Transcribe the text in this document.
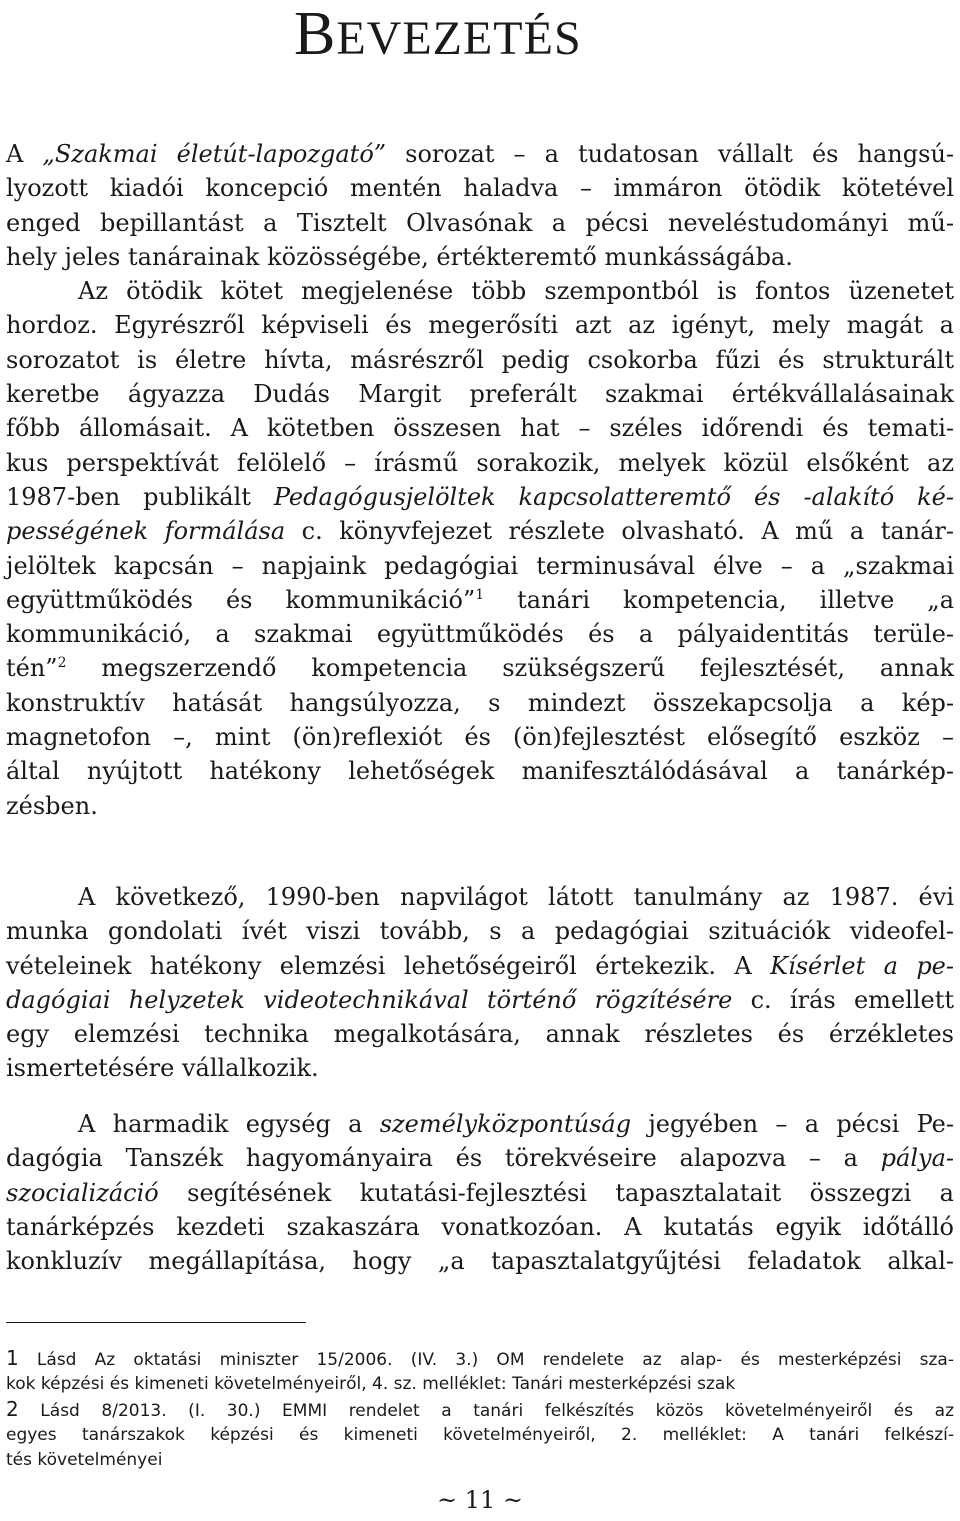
BEVEZETÉS
A „Szakmai életút-lapozgató” sorozat – a tudatosan vállalt és hangsú-
lyozott kiadói koncepció mentén haladva – immáron ötödik kötetével
enged bepillantást a Tisztelt Olvasónak a pécsi neveléstudományi mű-
hely jeles tanárainak közösségébe, értékteremtő munkásságába.
Az ötödik kötet megjelenése több szempontból is fontos üzenetet
hordoz. Egyrészről képviseli és megerősíti azt az igényt, mely magát a
sorozatot is életre hívta, másrészről pedig csokorba fűzi és strukturált
keretbe ágyazza Dudás Margit preferált szakmai értékvállalásainak
főbb állomásait. A kötetben összesen hat – széles időrendi és temati-
kus perspektívát felölelő – írásmű sorakozik, melyek közül elsőként az
1987-ben publikált Pedagógusjelöltek kapcsolatteremtő és -alakító ké-
pességének formálása c. könyvfejezet részlete olvasható. A mű a tanár-
jelöltek kapcsán – napjaink pedagógiai terminusával élve – a „szakmai
együttműködés és kommunikáció”$^1$ tanári kompetencia, illetve „a
kommunikáció, a szakmai együttműködés és a pályaidentitás terüle-
tén”$^2$ megszerzendő kompetencia szükségszerű fejlesztését, annak
konstruktív hatását hangsúlyozza, s mindezt összekapcsolja a kép-
magnetofon –, mint (ön)reflexiót és (ön)fejlesztést elősegítő eszköz –
által nyújtott hatékony lehetőségek manifesztálódásával a tanárkép-
zésben.
A következő, 1990-ben napvilágot látott tanulmány az 1987. évi
munka gondolati ívét viszi tovább, s a pedagógiai szituációk videofel-
vételeinek hatékony elemzési lehetőségeiről értekezik. A Kísérlet a pe-
dagógiai helyzetek videotechnikával történő rögzítésére c. írás emellett
egy elemzési technika megalkotására, annak részletes és érzékletes
ismertetésére vállalkozik.
A harmadik egység a személyközpontúság jegyében – a pécsi Pe-
dagógia Tanszék hagyományaira és törekvéseire alapozva – a pálya-
szocializáció segítésének kutatási-fejlesztési tapasztalatait összegzi a
tanárképzés kezdeti szakaszára vonatkozóan. A kutatás egyik időtálló
konkluzív megállapítása, hogy „a tapasztalatgyűjtési feladatok alkal-
1 Lásd Az oktatási miniszter 15/2006. (IV. 3.) OM rendelete az alap- és mesterképzési sza-
kok képzési és kimeneti követelményeiről, 4. sz. melléklet: Tanári mesterképzési szak
2 Lásd 8/2013. (I. 30.) EMMI rendelet a tanári felkészítés közös követelményeiről és az
egyes tanárszakok képzési és kimeneti követelményeiről, 2. melléklet: A tanári felkészí-
tés követelményei
~ 11 ~
